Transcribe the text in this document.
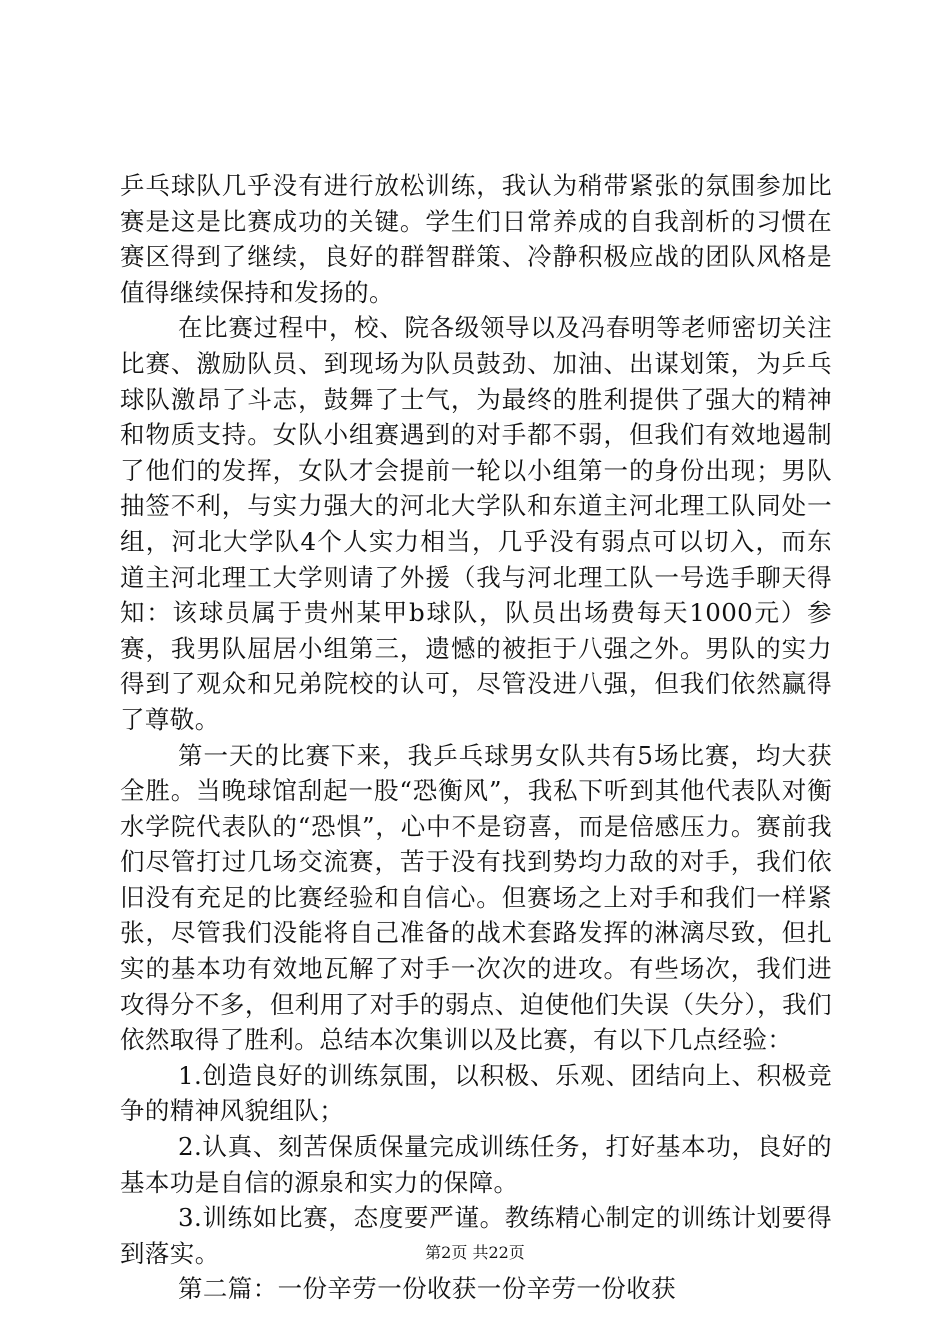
乒乓球队几乎没有进行放松训练，我认为稍带紧张的氛围参加比赛是这是比赛成功的关键。学生们日常养成的自我剖析的习惯在赛区得到了继续，良好的群智群策、冷静积极应战的团队风格是值得继续保持和发扬的。

在比赛过程中，校、院各级领导以及冯春明等老师密切关注比赛、激励队员、到现场为队员鼓劲、加油、出谋划策，为乒乓球队激昂了斗志，鼓舞了士气，为最终的胜利提供了强大的精神和物质支持。女队小组赛遇到的对手都不弱，但我们有效地遏制了他们的发挥，女队才会提前一轮以小组第一的身份出现；男队抽签不利，与实力强大的河北大学队和东道主河北理工队同处一组，河北大学队4个人实力相当，几乎没有弱点可以切入，而东道主河北理工大学则请了外援（我与河北理工队一号选手聊天得知：该球员属于贵州某甲b球队，队员出场费每天1000元）参赛，我男队屈居小组第三，遗憾的被拒于八强之外。男队的实力得到了观众和兄弟院校的认可，尽管没进八强，但我们依然赢得了尊敬。

第一天的比赛下来，我乒乓球男女队共有5场比赛，均大获全胜。当晚球馆刮起一股“恐衡风”，我私下听到其他代表队对衡水学院代表队的“恐惧”，心中不是窃喜，而是倍感压力。赛前我们尽管打过几场交流赛，苦于没有找到势均力敌的对手，我们依旧没有充足的比赛经验和自信心。但赛场之上对手和我们一样紧张，尽管我们没能将自己准备的战术套路发挥的淋漓尽致，但扎实的基本功有效地瓦解了对手一次次的进攻。有些场次，我们进攻得分不多，但利用了对手的弱点、迫使他们失误（失分），我们依然取得了胜利。总结本次集训以及比赛，有以下几点经验：

1.创造良好的训练氛围，以积极、乐观、团结向上、积极竞争的精神风貌组队；

2.认真、刻苦保质保量完成训练任务，打好基本功，良好的基本功是自信的源泉和实力的保障。

3.训练如比赛，态度要严谨。教练精心制定的训练计划要得到落实。

第二篇：一份辛劳一份收获一份辛劳一份收获

第2页 共22页
